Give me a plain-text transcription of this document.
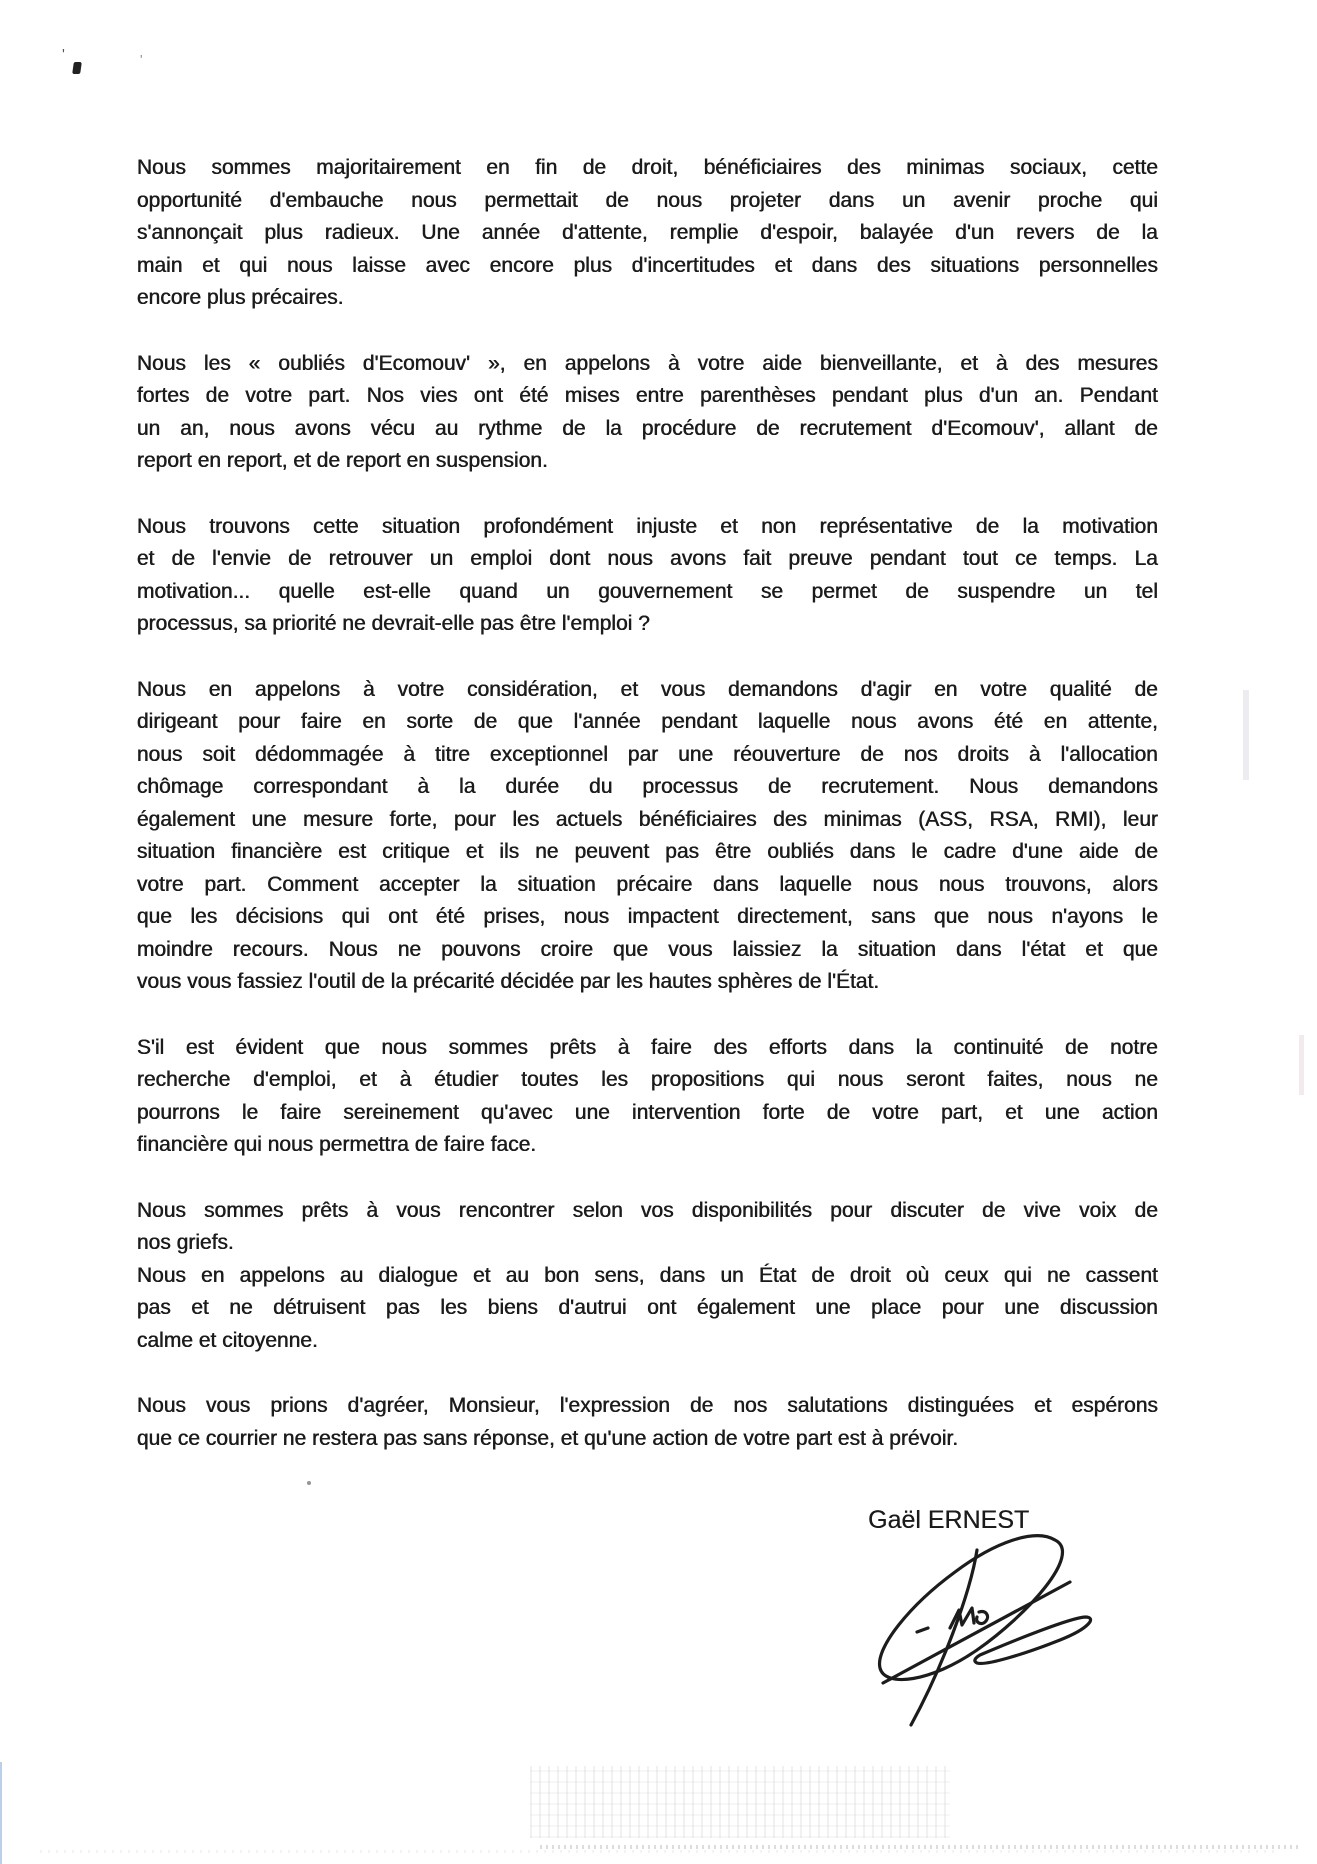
'	'
Nous sommes majoritairement en fin de droit, bénéficiaires des minimas sociaux, cette
opportunité d'embauche nous permettait de nous projeter dans un avenir proche qui
s'annonçait plus radieux. Une année d'attente, remplie d'espoir, balayée d'un revers de la
main et qui nous laisse avec encore plus d'incertitudes et dans des situations personnelles
encore plus précaires.
Nous les « oubliés d'Ecomouv' », en appelons à votre aide bienveillante, et à des mesures
fortes de votre part. Nos vies ont été mises entre parenthèses pendant plus d'un an. Pendant
un an, nous avons vécu au rythme de la procédure de recrutement d'Ecomouv', allant de
report en report, et de report en suspension.
Nous trouvons cette situation profondément injuste et non représentative de la motivation
et de l'envie de retrouver un emploi dont nous avons fait preuve pendant tout ce temps. La
motivation... quelle est-elle quand un gouvernement se permet de suspendre un tel
processus, sa priorité ne devrait-elle pas être l'emploi ?
Nous en appelons à votre considération, et vous demandons d'agir en votre qualité de
dirigeant pour faire en sorte de que l'année pendant laquelle nous avons été en attente,
nous soit dédommagée à titre exceptionnel par une réouverture de nos droits à l'allocation
chômage correspondant à la durée du processus de recrutement. Nous demandons
également une mesure forte, pour les actuels bénéficiaires des minimas (ASS, RSA, RMI), leur
situation financière est critique et ils ne peuvent pas être oubliés dans le cadre d'une aide de
votre part. Comment accepter la situation précaire dans laquelle nous nous trouvons, alors
que les décisions qui ont été prises, nous impactent directement, sans que nous n'ayons le
moindre recours. Nous ne pouvons croire que vous laissiez la situation dans l'état et que
vous vous fassiez l'outil de la précarité décidée par les hautes sphères de l'État.
S'il est évident que nous sommes prêts à faire des efforts dans la continuité de notre
recherche d'emploi, et à étudier toutes les propositions qui nous seront faites, nous ne
pourrons le faire sereinement qu'avec une intervention forte de votre part, et une action
financière qui nous permettra de faire face.
Nous sommes prêts à vous rencontrer selon vos disponibilités pour discuter de vive voix de
nos griefs.
Nous en appelons au dialogue et au bon sens, dans un État de droit où ceux qui ne cassent
pas et ne détruisent pas les biens d'autrui ont également une place pour une discussion
calme et citoyenne.
Nous vous prions d'agréer, Monsieur, l'expression de nos salutations distinguées et espérons
que ce courrier ne restera pas sans réponse, et qu'une action de votre part est à prévoir.
Gaël ERNEST
